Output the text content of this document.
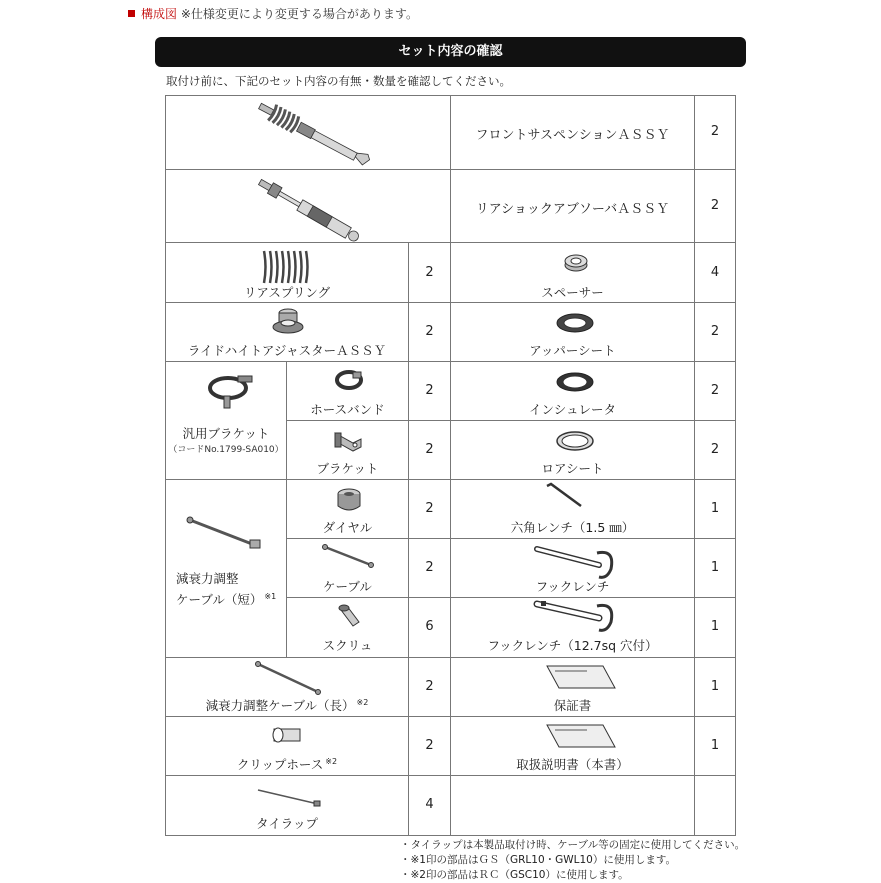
構成図 ※仕様変更により変更する場合があります。
セット内容の確認
取付け前に、下記のセット内容の有無・数量を確認してください。
フロントサスペンションＡＳＳＹ	2
リアショックアブソーバＡＳＳＹ	2
リアスプリング
2
スペーサー
4
ライドハイトアジャスターＡＳＳＹ
2
アッパーシート
2
汎用ブラケット
（コードNo.1799-SA010）
ホースバンド
2
インシュレータ
2
ブラケット
2
ロアシート
2
減衰力調整
ケーブル（短） $^{※1}$
ダイヤル
2
六角レンチ（1.5 ㎜）
1
ケーブル
2
フックレンチ
1
スクリュ
6
フックレンチ（12.7sq 穴付）
1
減衰力調整ケーブル（長） $^{※2}$
2
保証書
1
クリップホース $^{※2}$
2
取扱説明書（本書）
1
タイラップ
4
・タイラップは本製品取付け時、ケーブル等の固定に使用してください。
・※1印の部品はＧＳ（GRL10・GWL10）に使用します。
・※2印の部品はＲＣ（GSC10）に使用します。
